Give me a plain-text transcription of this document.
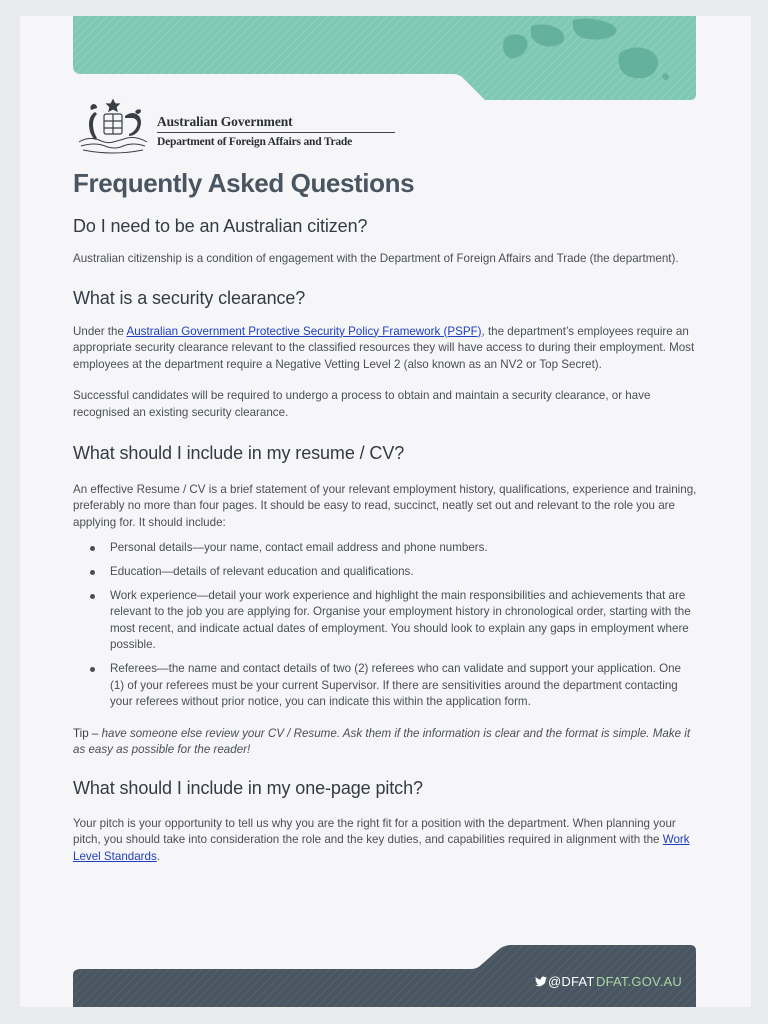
Australian Government
Department of Foreign Affairs and Trade
Frequently Asked Questions
Do I need to be an Australian citizen?

Australian citizenship is a condition of engagement with the Department of Foreign Affairs and Trade (the department).

What is a security clearance?

Under the Australian Government Protective Security Policy Framework (PSPF), the department’s employees require an appropriate security clearance relevant to the classified resources they will have access to during their employment. Most employees at the department require a Negative Vetting Level 2 (also known as an NV2 or Top Secret).

Successful candidates will be required to undergo a process to obtain and maintain a security clearance, or have recognised an existing security clearance.

What should I include in my resume / CV?

An effective Resume / CV is a brief statement of your relevant employment history, qualifications, experience and training, preferably no more than four pages. It should be easy to read, succinct, neatly set out and relevant to the role you are applying for. It should include:

Personal details—your name, contact email address and phone numbers.
Education—details of relevant education and qualifications.
Work experience—detail your work experience and highlight the main responsibilities and achievements that are relevant to the job you are applying for. Organise your employment history in chronological order, starting with the most recent, and indicate actual dates of employment. You should look to explain any gaps in employment where possible.
Referees—the name and contact details of two (2) referees who can validate and support your application. One (1) of your referees must be your current Supervisor. If there are sensitivities around the department contacting your referees without prior notice, you can indicate this within the application form.

Tip – have someone else review your CV / Resume. Ask them if the information is clear and the format is simple. Make it as easy as possible for the reader!

What should I include in my one-page pitch?

Your pitch is your opportunity to tell us why you are the right fit for a position with the department. When planning your pitch, you should take into consideration the role and the key duties, and capabilities required in alignment with the Work Level Standards.

@DFAT DFAT.GOV.AU
